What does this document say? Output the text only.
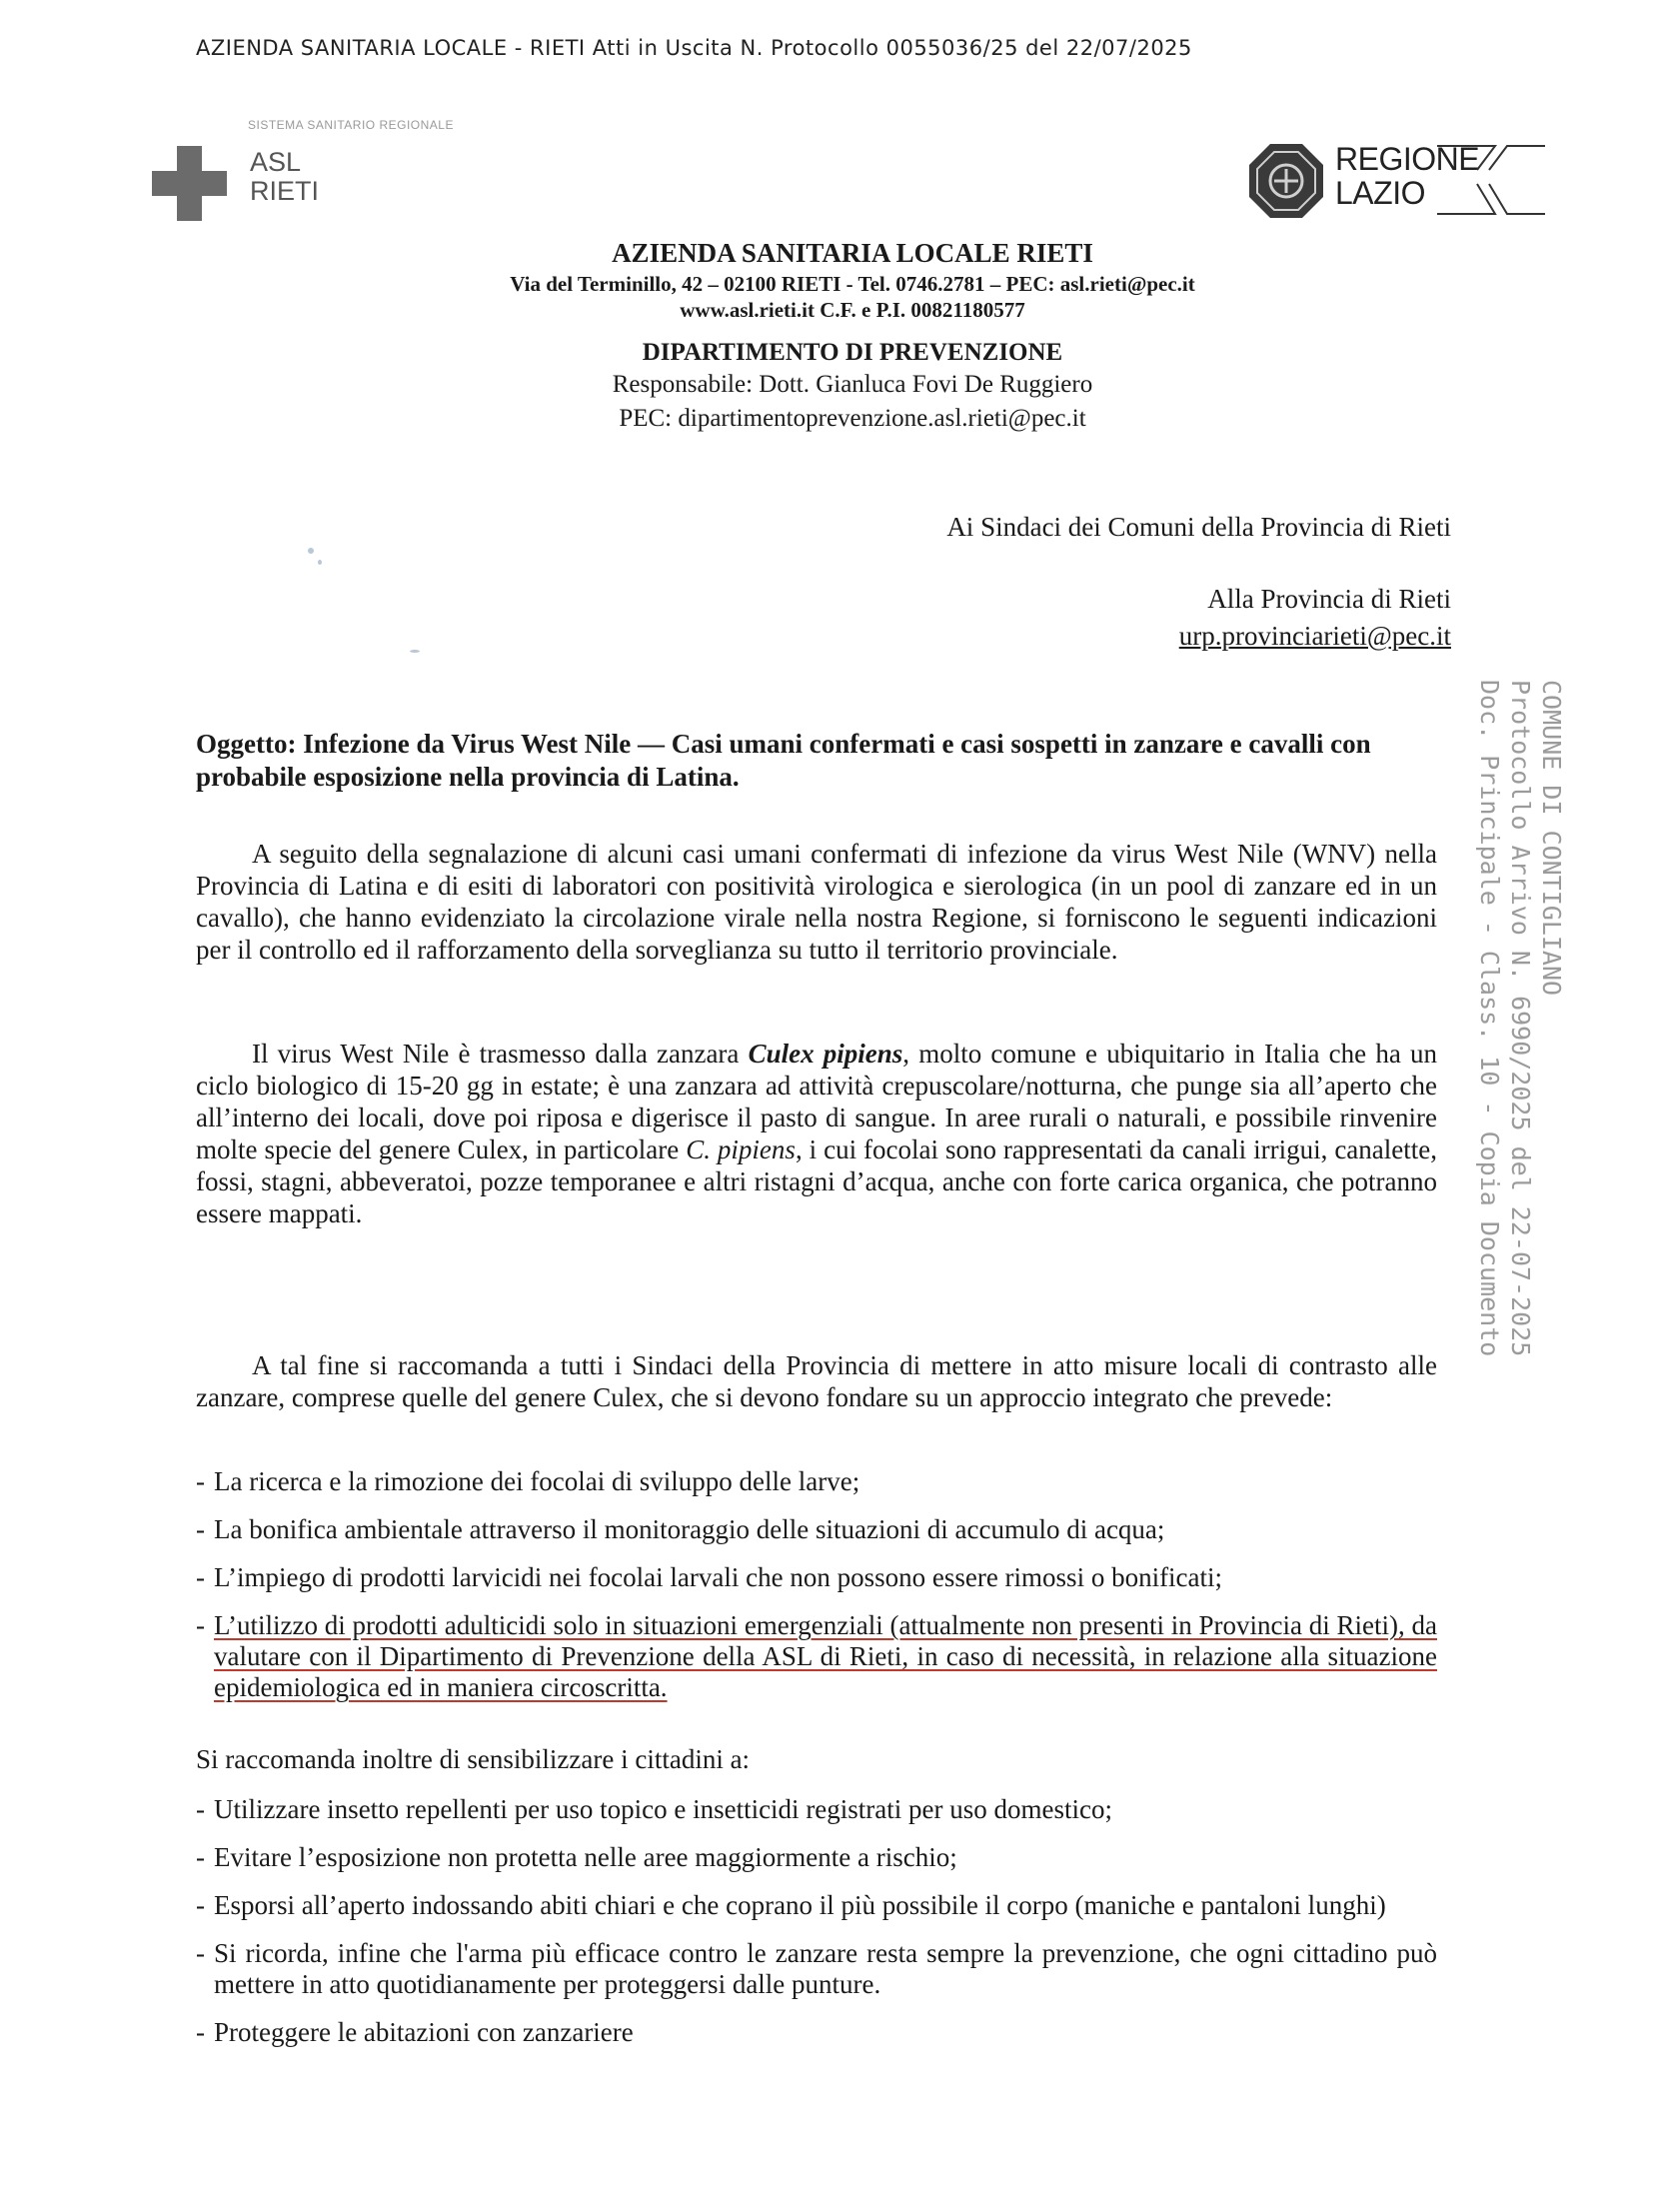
AZIENDA SANITARIA LOCALE - RIETI Atti in Uscita N. Protocollo 0055036/25 del 22/07/2025
SISTEMA SANITARIO REGIONALE
ASL
RIETI
REGIONE
LAZIO
AZIENDA SANITARIA LOCALE RIETI
Via del Terminillo, 42 – 02100 RIETI - Tel. 0746.2781 – PEC: asl.rieti@pec.it
www.asl.rieti.it C.F. e P.I. 00821180577
DIPARTIMENTO DI PREVENZIONE
Responsabile: Dott. Gianluca Fovi De Ruggiero
PEC: dipartimentoprevenzione.asl.rieti@pec.it
Ai Sindaci dei Comuni della Provincia di Rieti
Alla Provincia di Rieti
urp.provinciarieti@pec.it
Oggetto: Infezione da Virus West Nile — Casi umani confermati e casi sospetti in zanzare e cavalli con probabile esposizione nella provincia di Latina.
A seguito della segnalazione di alcuni casi umani confermati di infezione da virus West Nile (WNV) nella Provincia di Latina e di esiti di laboratori con positività virologica e sierologica (in un pool di zanzare ed in un cavallo), che hanno evidenziato la circolazione virale nella nostra Regione, si forniscono le seguenti indicazioni per il controllo ed il rafforzamento della sorveglianza su tutto il territorio provinciale.
Il virus West Nile è trasmesso dalla zanzara Culex pipiens, molto comune e ubiquitario in Italia che ha un ciclo biologico di 15-20 gg in estate; è una zanzara ad attività crepuscolare/notturna, che punge sia all’aperto che all’interno dei locali, dove poi riposa e digerisce il pasto di sangue. In aree rurali o naturali, e possibile rinvenire molte specie del genere Culex, in particolare C. pipiens, i cui focolai sono rappresentati da canali irrigui, canalette, fossi, stagni, abbeveratoi, pozze temporanee e altri ristagni d’acqua, anche con forte carica organica, che potranno essere mappati.
A tal fine si raccomanda a tutti i Sindaci della Provincia di mettere in atto misure locali di contrasto alle zanzare, comprese quelle del genere Culex, che si devono fondare su un approccio integrato che prevede:
- La ricerca e la rimozione dei focolai di sviluppo delle larve;
- La bonifica ambientale attraverso il monitoraggio delle situazioni di accumulo di acqua;
- L’impiego di prodotti larvicidi nei focolai larvali che non possono essere rimossi o bonificati;
- L’utilizzo di prodotti adulticidi solo in situazioni emergenziali (attualmente non presenti in Provincia di Rieti), da valutare con il Dipartimento di Prevenzione della ASL di Rieti, in caso di necessità, in relazione alla situazione epidemiologica ed in maniera circoscritta.
Si raccomanda inoltre di sensibilizzare i cittadini a:
- Utilizzare insetto repellenti per uso topico e insetticidi registrati per uso domestico;
- Evitare l’esposizione non protetta nelle aree maggiormente a rischio;
- Esporsi all’aperto indossando abiti chiari e che coprano il più possibile il corpo (maniche e pantaloni lunghi)
- Si ricorda, infine che l'arma più efficace contro le zanzare resta sempre la prevenzione, che ogni cittadino può mettere in atto quotidianamente per proteggersi dalle punture.
- Proteggere le abitazioni con zanzariere
COMUNE DI CONTIGLIANO
Protocollo Arrivo N. 6990/2025 del 22-07-2025
Doc. Principale - Class. 10 - Copia Documento
